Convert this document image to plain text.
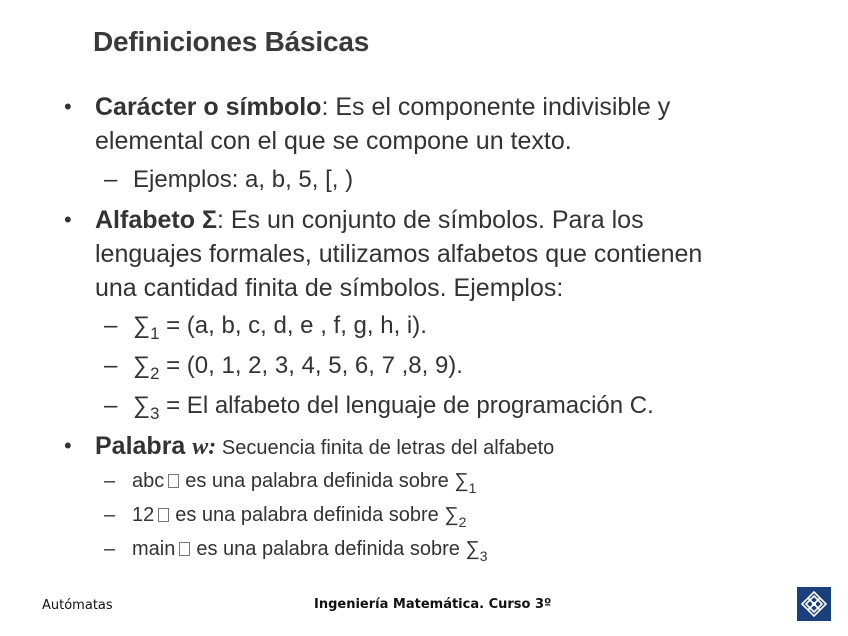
Definiciones Básicas
• Carácter o símbolo: Es el componente indivisible y
elemental con el que se compone un texto.
– Ejemplos: a, b, 5, [, )
• Alfabeto Σ: Es un conjunto de símbolos. Para los
lenguajes formales, utilizamos alfabetos que contienen
una cantidad finita de símbolos. Ejemplos:
– $\sum_1 = (a$, b, c, d, e , f, g, h, i).
– $\sum_2 = (0$, 1, 2, 3, 4, 5, 6, 7 ,8, 9).
– $\sum_3 = El$ alfabeto del lenguaje de programación C.
• Palabra w: Secuencia finita de letras del alfabeto
– abc es una palabra definida sobre $\sum_1$
– 12 es una palabra definida sobre $\sum_2$
– main es una palabra definida sobre $\sum_3$
Autómatas	Ingeniería Matemática. Curso 3º
